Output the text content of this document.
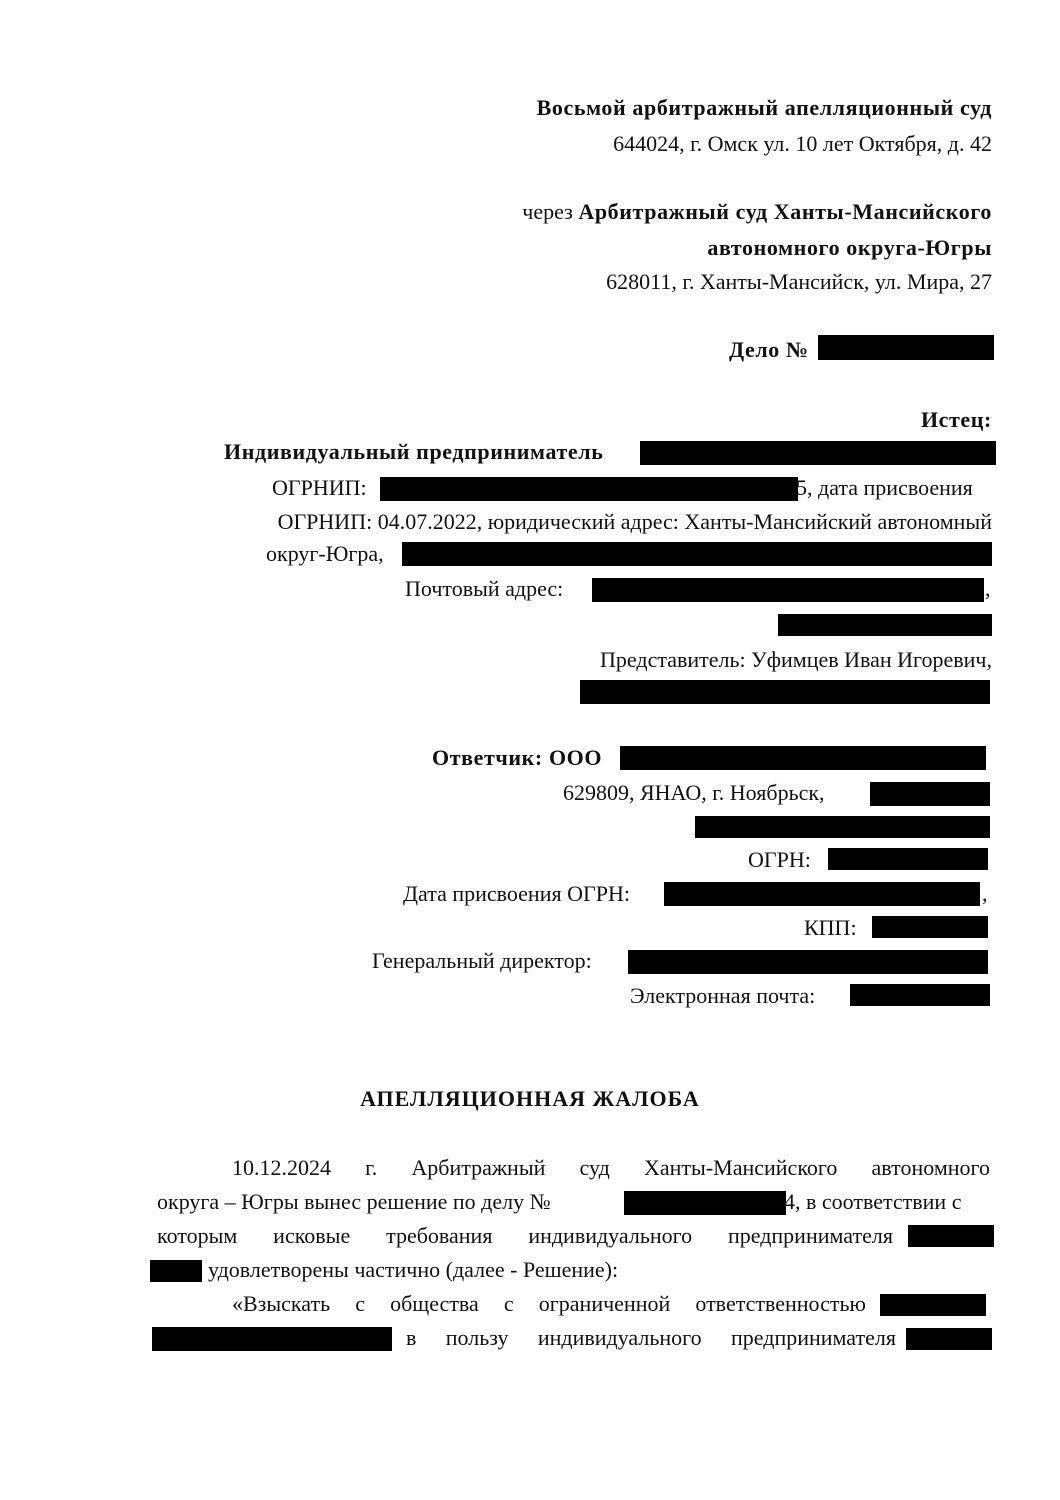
Восьмой арбитражный апелляционный суд
644024, г. Омск ул. 10 лет Октября, д. 42
через Арбитражный суд Ханты-Мансийского
автономного округа-Югры
628011, г. Ханты-Мансийск, ул. Мира, 27
Дело №
Истец:
Индивидуальный предприниматель
ОГРНИП:	5, дата присвоения
ОГРНИП: 04.07.2022, юридический адрес: Ханты-Мансийский автономный
округ-Югра,
Почтовый адрес:	,
Представитель: Уфимцев Иван Игоревич,
Ответчик: ООО
629809, ЯНАО, г. Ноябрьск,
ОГРН:
Дата присвоения ОГРН:	,
КПП:
Генеральный директор:
Электронная почта:
АПЕЛЛЯЦИОННАЯ ЖАЛОБА
10.12.2024 г. Арбитражный суд Ханты-Мансийского автономного
округа – Югры вынес решение по делу №	4, в соответствии с
которым исковые требования индивидуального предпринимателя
удовлетворены частично (далее - Решение):
«Взыскать с общества с ограниченной ответственностью
в пользу индивидуального предпринимателя
